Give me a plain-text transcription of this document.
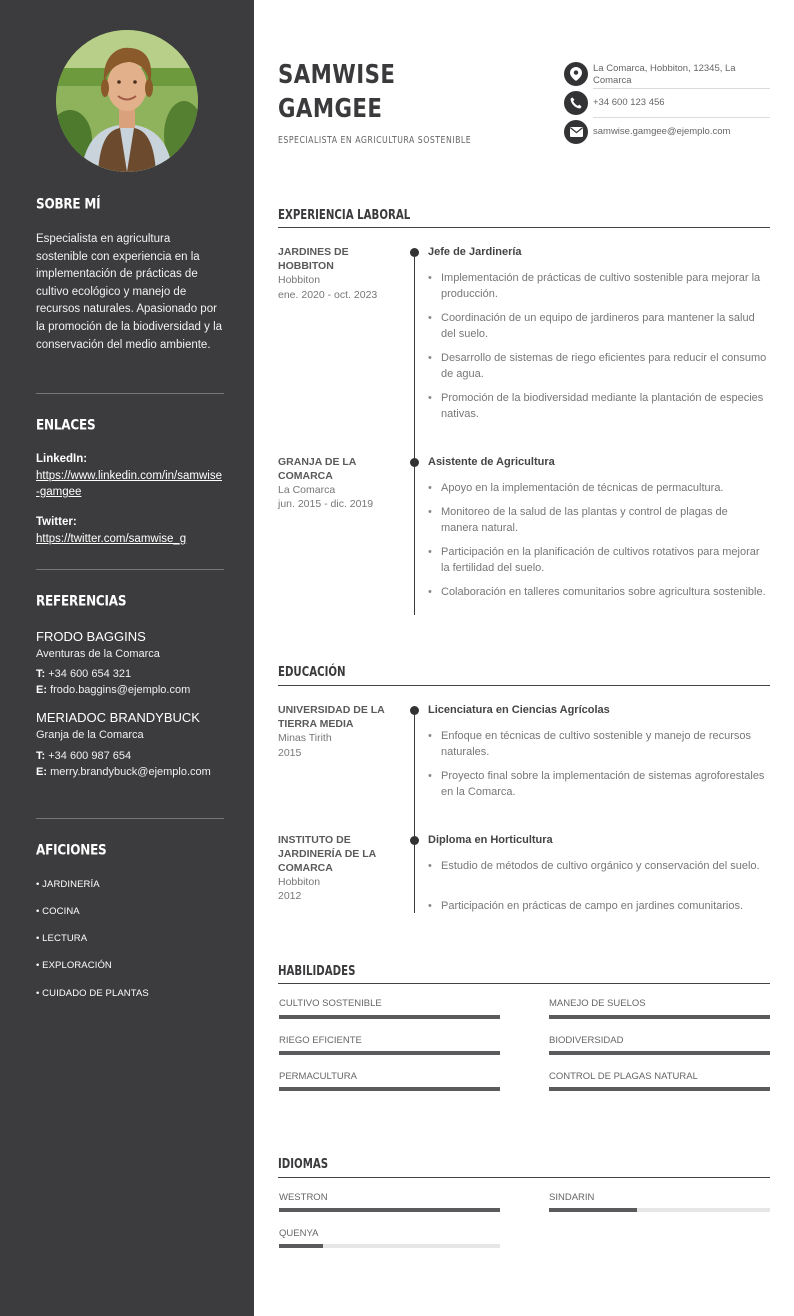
SOBRE MÍ

Especialista en agricultura sostenible con experiencia en la implementación de prácticas de cultivo ecológico y manejo de recursos naturales. Apasionado por la promoción de la biodiversidad y la conservación del medio ambiente.

ENLACES
LinkedIn:
https://www.linkedin.com/in/samwise-gamgee
Twitter:
https://twitter.com/samwise_g
REFERENCIAS
FRODO BAGGINS
Aventuras de la Comarca
T: +34 600 654 321
E: frodo.baggins@ejemplo.com
MERIADOC BRANDYBUCK
Granja de la Comarca
T: +34 600 987 654
E: merry.brandybuck@ejemplo.com
AFICIONES
• JARDINERÍA
• COCINA
• LECTURA
• EXPLORACIÓN
• CUIDADO DE PLANTAS
SAMWISE
GAMGEE
ESPECIALISTA EN AGRICULTURA SOSTENIBLE
La Comarca, Hobbiton, 12345, La Comarca
+34 600 123 456
samwise.gamgee@ejemplo.com
EXPERIENCIA LABORAL
JARDINES DE HOBBITON
Hobbiton
ene. 2020 - oct. 2023
Jefe de Jardinería
• Implementación de prácticas de cultivo sostenible para mejorar la producción.
• Coordinación de un equipo de jardineros para mantener la salud del suelo.
• Desarrollo de sistemas de riego eficientes para reducir el consumo de agua.
• Promoción de la biodiversidad mediante la plantación de especies nativas.
GRANJA DE LA COMARCA
La Comarca
jun. 2015 - dic. 2019
Asistente de Agricultura
• Apoyo en la implementación de técnicas de permacultura.
• Monitoreo de la salud de las plantas y control de plagas de manera natural.
• Participación en la planificación de cultivos rotativos para mejorar la fertilidad del suelo.
• Colaboración en talleres comunitarios sobre agricultura sostenible.
EDUCACIÓN
UNIVERSIDAD DE LA TIERRA MEDIA
Minas Tirith
2015
Licenciatura en Ciencias Agrícolas
• Enfoque en técnicas de cultivo sostenible y manejo de recursos naturales.
• Proyecto final sobre la implementación de sistemas agroforestales en la Comarca.
INSTITUTO DE JARDINERÍA DE LA COMARCA
Hobbiton
2012
Diploma en Horticultura
• Estudio de métodos de cultivo orgánico y conservación del suelo.
• Participación en prácticas de campo en jardines comunitarios.
HABILIDADES
CULTIVO SOSTENIBLE	MANEJO DE SUELOS
RIEGO EFICIENTE	BIODIVERSIDAD
PERMACULTURA	CONTROL DE PLAGAS NATURAL
IDIOMAS
WESTRON	SINDARIN
QUENYA
